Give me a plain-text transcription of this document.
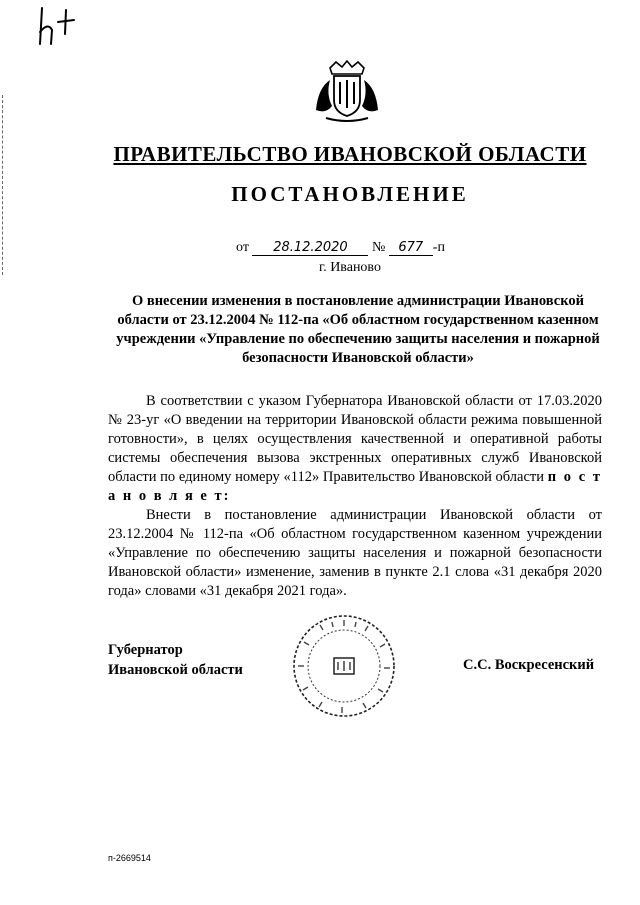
ПРАВИТЕЛЬСТВО ИВАНОВСКОЙ ОБЛАСТИ
ПОСТАНОВЛЕНИЕ
от 28.12.2020 № 677 -п
г. Иваново
О внесении изменения в постановление администрации Ивановской области от 23.12.2004 № 112-па «Об областном государственном казенном учреждении «Управление по обеспечению защиты населения и пожарной безопасности Ивановской области»

В соответствии с указом Губернатора Ивановской области от 17.03.2020 № 23-уг «О введении на территории Ивановской области режима повышенной готовности», в целях осуществления качественной и оперативной работы системы обеспечения вызова экстренных оперативных служб Ивановской области по единому номеру «112» Правительство Ивановской области п о с т а н о в л я е т:

Внести в постановление администрации Ивановской области от 23.12.2004 № 112-па «Об областном государственном казенном учреждении «Управление по обеспечению защиты населения и пожарной безопасности Ивановской области» изменение, заменив в пункте 2.1 слова «31 декабря 2020 года» словами «31 декабря 2021 года».

Губернатор
Ивановской области	С.С. Воскресенский
п-2669514
